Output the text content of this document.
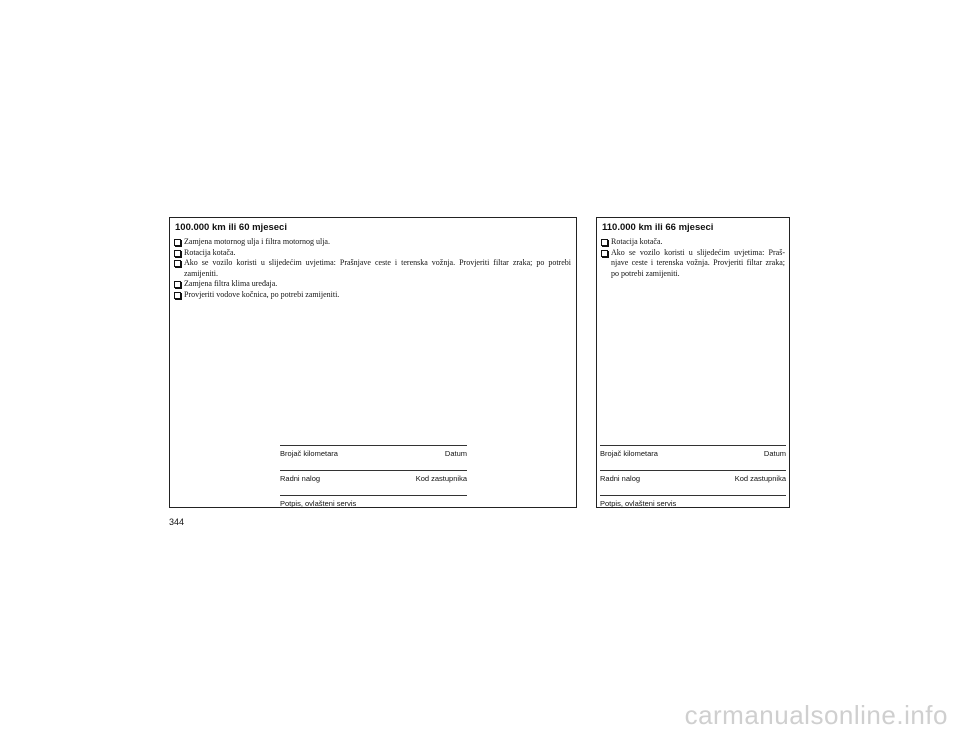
100.000 km ili 60 mjeseci
Zamjena motornog ulja i filtra motornog ulja.
Rotacija kotača.
Ako se vozilo koristi u slijedećim uvjetima: Prašnjave ceste i terenska vožnja. Provjeriti filtar zraka; po potrebi zamijeniti.
Zamjena filtra klima uređaja.
Provjeriti vodove kočnica, po potrebi zamijeniti.
Brojač kilometara	Datum
Radni nalog	Kod zastupnika
Potpis, ovlašteni servis
110.000 km ili 66 mjeseci
Rotacija kotača.
Ako se vozilo koristi u slijedećim uvjetima: Praš-njave ceste i terenska vožnja. Provjeriti filtar zraka; po potrebi zamijeniti.
Brojač kilometara	Datum
Radni nalog	Kod zastupnika
Potpis, ovlašteni servis
344
carmanualsonline.info
